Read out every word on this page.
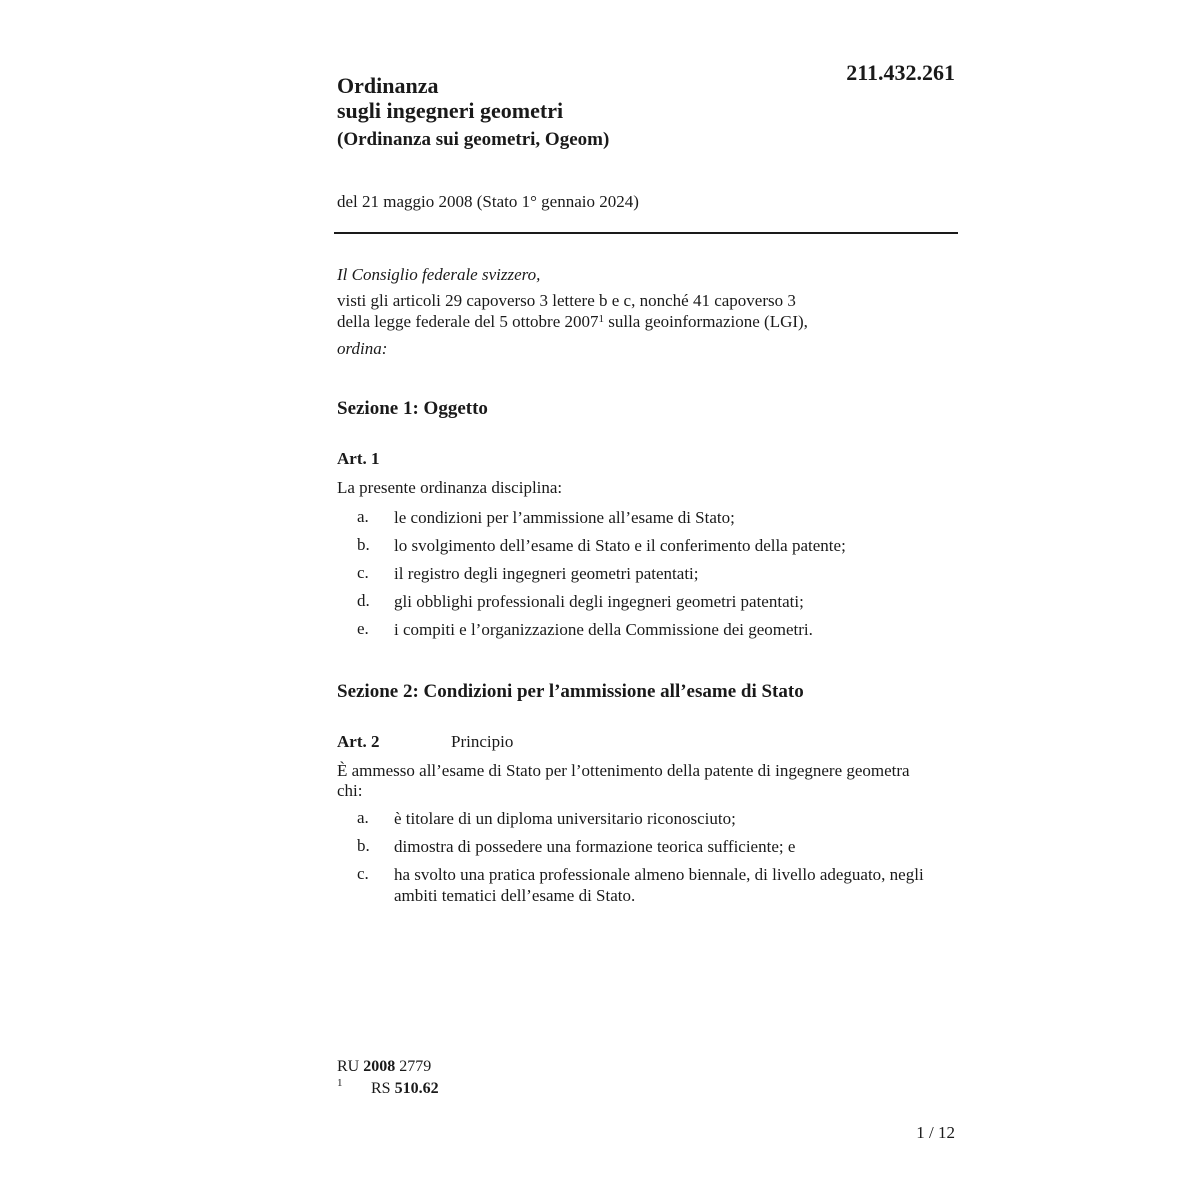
211.432.261
Ordinanza
sugli ingegneri geometri
(Ordinanza sui geometri, Ogeom)
del 21 maggio 2008 (Stato 1° gennaio 2024)
Il Consiglio federale svizzero,
visti gli articoli 29 capoverso 3 lettere b e c, nonché 41 capoverso 3
della legge federale del 5 ottobre 2007$^1$ sulla geoinformazione (LGI),
ordina:
Sezione 1: Oggetto
Art. 1
La presente ordinanza disciplina:
a. le condizioni per l’ammissione all’esame di Stato;
b. lo svolgimento dell’esame di Stato e il conferimento della patente;
c. il registro degli ingegneri geometri patentati;
d. gli obblighi professionali degli ingegneri geometri patentati;
e. i compiti e l’organizzazione della Commissione dei geometri.
Sezione 2: Condizioni per l’ammissione all’esame di Stato
Art. 2	Principio
È ammesso all’esame di Stato per l’ottenimento della patente di ingegnere geometra
chi:
a. è titolare di un diploma universitario riconosciuto;
b. dimostra di possedere una formazione teorica sufficiente; e
c. ha svolto una pratica professionale almeno biennale, di livello adeguato, negli
ambiti tematici dell’esame di Stato.
RU 2008 2779
1 RS 510.62
1 / 12
